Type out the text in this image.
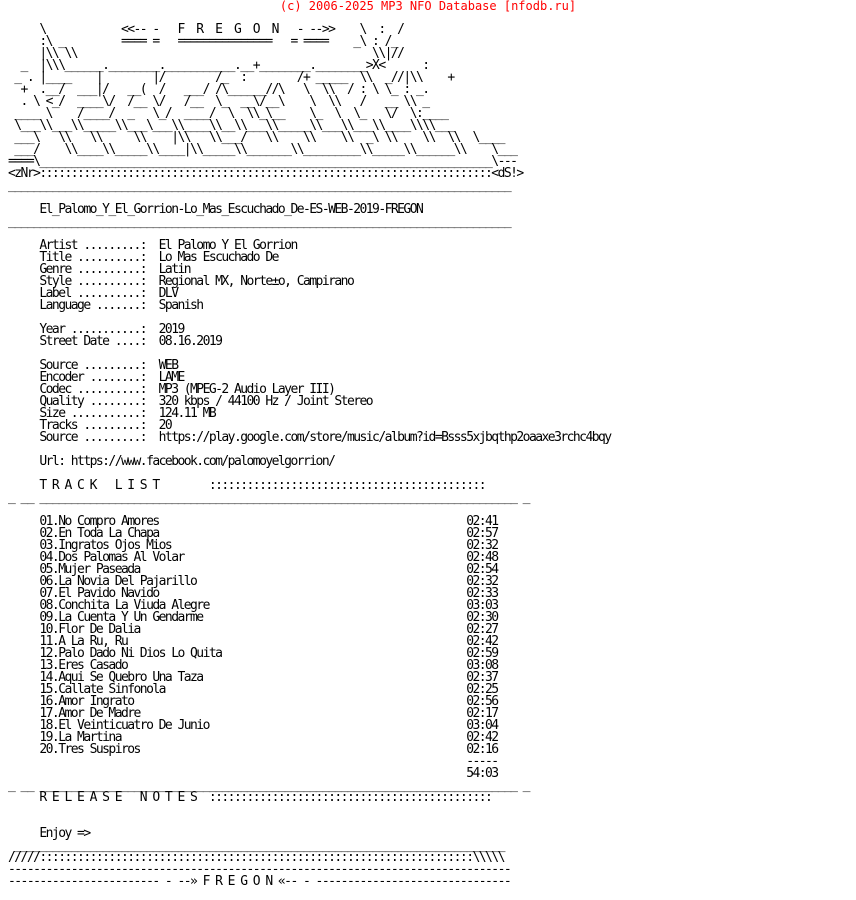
(c) 2006-2025 MP3 NFO Database [nfodb.ru]

\            <<-- -   F  R  E  G  O  N   - -->>    \  :  /
:\ _         ==== =   ===============   = ====    _\ : /_
|\\ \\                                               \\|//
_  |\\\______.________.___________.__+________.________>X<      :
_ . |____    |        |/        /_  :        /+ _____  \\  _//|\\    +
+  .__/  ___|/   __(  /   ___/ /\______//\   \  \\  / : \ \_ : _.
. \ <_/  ____\/  /__ \/   /__  \_  __\/__\    \  \\   /   __ \\ _
____ \    /____/  _   \_/  ____/  \  \\_\__    \_  \  \_   \/  \:____
\___\\___\\_____\\___\___\\____\\__\\___\\_____\\___\\___\\____\\\\___
___\   \\   \\     \\    |\\   \\___/   \\    \\    \\  _\ \\    \\  \\  \____
___/    \\____\\_____\\____|\\_____\\_______\\_________\\_____\\______\\    \___
====\________________________________________________________________________\---
<zNr>::::::::::::::::::::::::::::::::::::::::::::::::::::::::::::::::::::::::<dS!>
________________________________________________________________________________

El_Palomo_Y_El_Gorrion-Lo_Mas_Escuchado_De-ES-WEB-2019-FREGON
________________________________________________________________________________

Artist .........:  El Palomo Y El Gorrion
Title ..........:  Lo Mas Escuchado De
Genre ..........:  Latin
Style ..........:  Regional MX, Norte±o, Campirano
Label ..........:  DLV
Language .......:  Spanish

Year ...........:  2019
Street Date ....:  08.16.2019

Source .........:  WEB
Encoder ........:  LAME
Codec ..........:  MP3 (MPEG-2 Audio Layer III)
Quality ........:  320 kbps / 44100 Hz / Joint Stereo
Size ...........:  124.11 MB
Tracks .........:  20
Source .........:  https://play.google.com/store/music/album?id=Bsss5xjbqthp2oaaxe3rchc4bqy

Url: https://www.facebook.com/palomoyelgorrion/

T R A C K   L I S T        ::::::::::::::::::::::::::::::::::::::::::::
_ __ ____________________________________________________________________________ _

01.No Compro Amores                                                 02:41
02.En Toda La Chapa                                                 02:57
03.Ingratos Ojos Mios                                               02:32
04.Dos Palomas Al Volar                                             02:48
05.Mujer Paseada                                                    02:54
06.La Novia Del Pajarillo                                           02:32
07.El Pavido Navido                                                 02:33
08.Conchita La Viuda Alegre                                         03:03
09.La Cuenta Y Un Gendarme                                          02:30
10.Flor De Dalia                                                    02:27
11.A La Ru, Ru                                                      02:42
12.Palo Dado Ni Dios Lo Quita                                       02:59
13.Eres Casado                                                      03:08
14.Aqui Se Quebro Una Taza                                          02:37
15.Callate Sinfonola                                                02:25
16.Amor Ingrato                                                     02:56
17.Amor De Madre                                                    02:17
18.El Veinticuatro De Junio                                         03:04
19.La Martina                                                       02:42
20.Tres Suspiros                                                    02:16
-----
54:03
_ __ ____________________________________________________________________________ _
R E L E A S E   N O T E S  :::::::::::::::::::::::::::::::::::::::::::::

Enjoy =>
______________________________________________________________________________
/////:::::::::::::::::::::::::::::::::::::::::::::::::::::::::::::::::::::\\\\\
--------------------------------------------------------------------------------
------------------------ - --» F R E G O N «-- - -------------------------------
